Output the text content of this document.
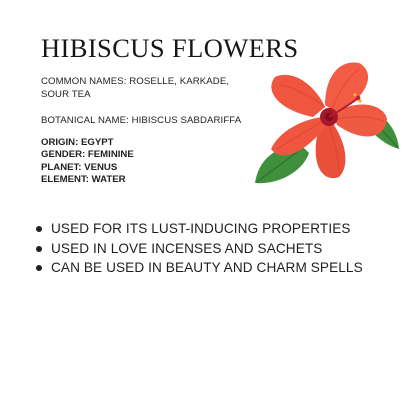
HIBISCUS FLOWERS
COMMON NAMES: ROSELLE, KARKADE, SOUR TEA
BOTANICAL NAME: HIBISCUS SABDARIFFA
ORIGIN: EGYPT
GENDER: FEMININE
PLANET: VENUS
ELEMENT: WATER
USED FOR ITS LUST-INDUCING PROPERTIES
USED IN LOVE INCENSES AND SACHETS
CAN BE USED IN BEAUTY AND CHARM SPELLS
